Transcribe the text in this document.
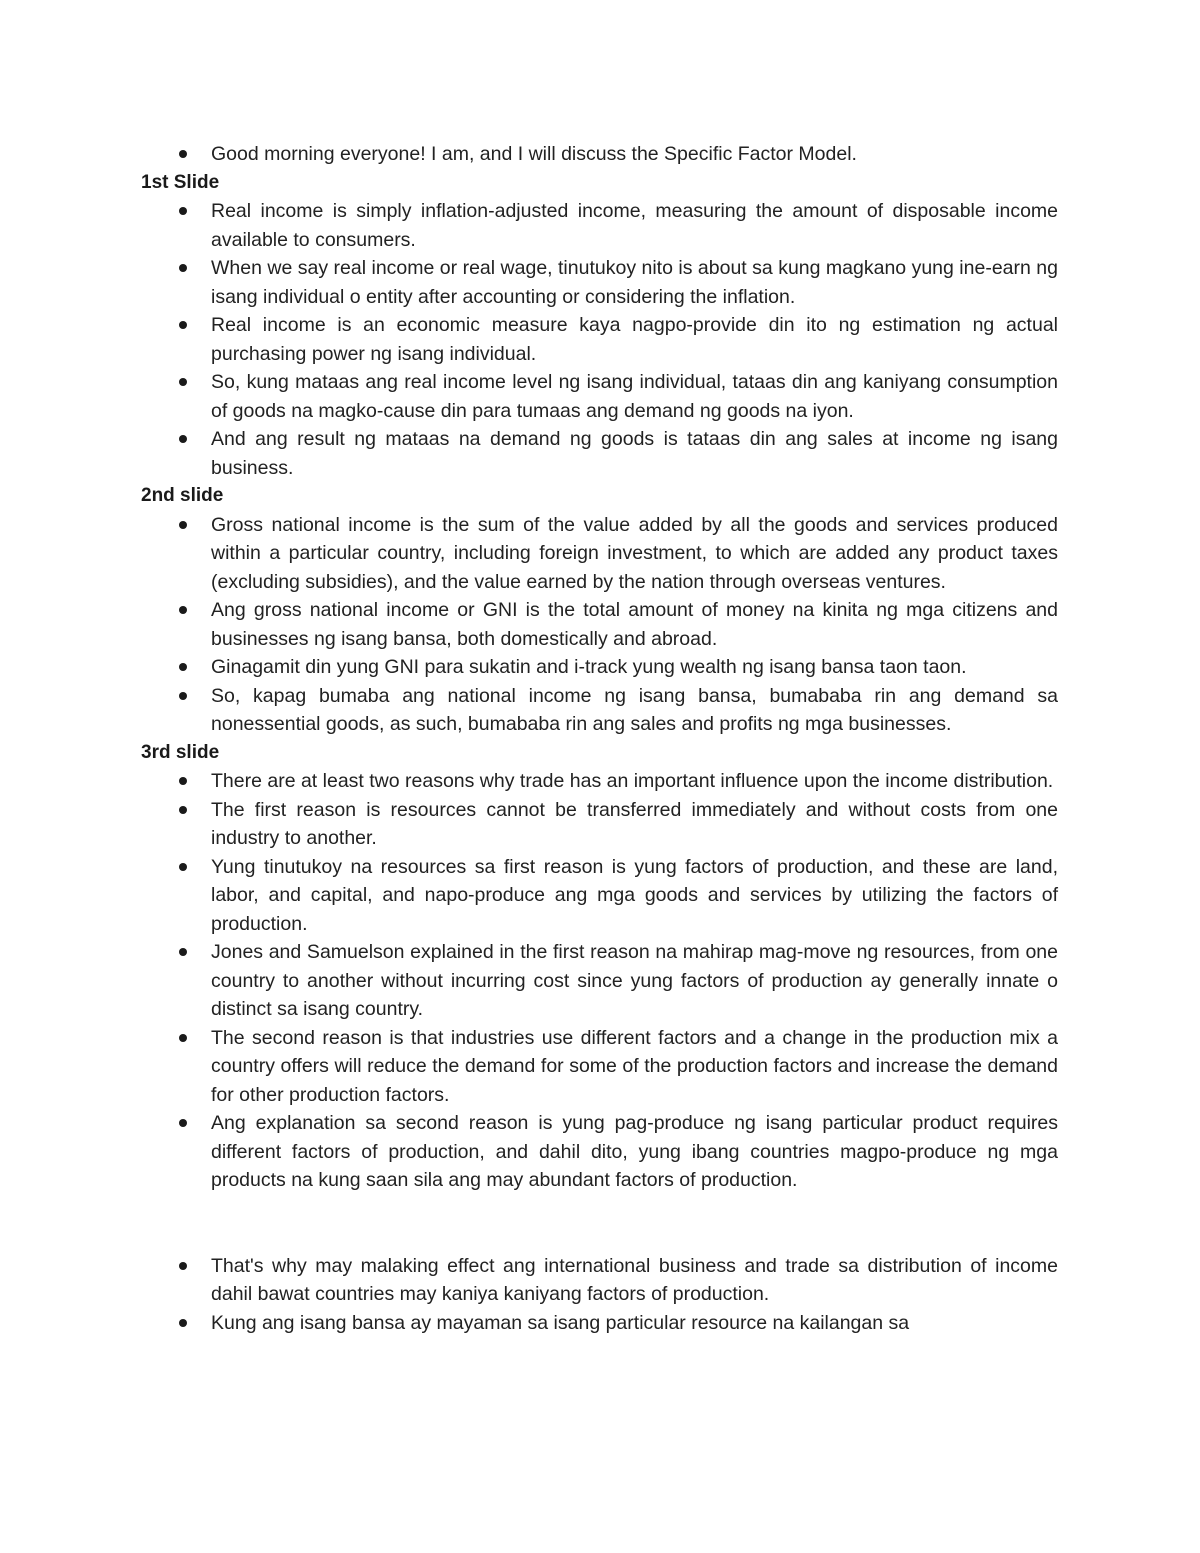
Good morning everyone! I am, and I will discuss the Specific Factor Model.
1st Slide
Real income is simply inflation-adjusted income, measuring the amount of disposable income available to consumers.
When we say real income or real wage, tinutukoy nito is about sa kung magkano yung ine-earn ng isang individual o entity after accounting or considering the inflation.
Real income is an economic measure kaya nagpo-provide din ito ng estimation ng actual purchasing power ng isang individual.
So, kung mataas ang real income level ng isang individual, tataas din ang kaniyang consumption of goods na magko-cause din para tumaas ang demand ng goods na iyon.
And ang result ng mataas na demand ng goods is tataas din ang sales at income ng isang business.
2nd slide
Gross national income is the sum of the value added by all the goods and services produced within a particular country, including foreign investment, to which are added any product taxes (excluding subsidies), and the value earned by the nation through overseas ventures.
Ang gross national income or GNI is the total amount of money na kinita ng mga citizens and businesses ng isang bansa, both domestically and abroad.
Ginagamit din yung GNI para sukatin and i-track yung wealth ng isang bansa taon taon.
So, kapag bumaba ang national income ng isang bansa, bumababa rin ang demand sa nonessential goods, as such, bumababa rin ang sales and profits ng mga businesses.
3rd slide
There are at least two reasons why trade has an important influence upon the income distribution.
The first reason is resources cannot be transferred immediately and without costs from one industry to another.
Yung tinutukoy na resources sa first reason is yung factors of production, and these are land, labor, and capital, and napo-produce ang mga goods and services by utilizing the factors of production.
Jones and Samuelson explained in the first reason na mahirap mag-move ng resources, from one country to another without incurring cost since yung factors of production ay generally innate o distinct sa isang country.
The second reason is that industries use different factors and a change in the production mix a country offers will reduce the demand for some of the production factors and increase the demand for other production factors.
Ang explanation sa second reason is yung pag-produce ng isang particular product requires different factors of production, and dahil dito, yung ibang countries magpo-produce ng mga products na kung saan sila ang may abundant factors of production.
That's why may malaking effect ang international business and trade sa distribution of income dahil bawat countries may kaniya kaniyang factors of production.
Kung ang isang bansa ay mayaman sa isang particular resource na kailangan sa
